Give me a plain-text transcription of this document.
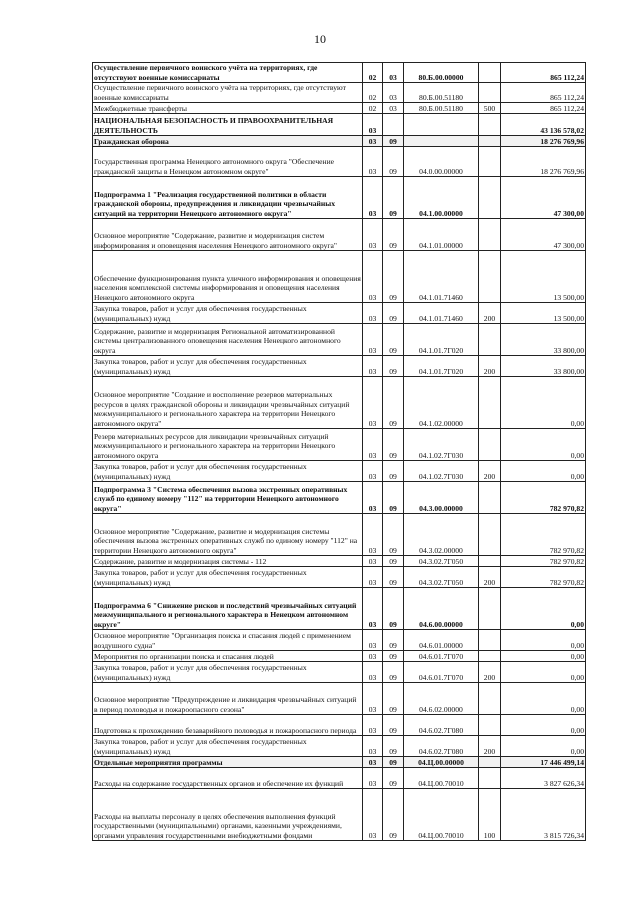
10
Осуществление первичного воинского учёта на территориях, где отсутствуют военные комиссариаты	02	03	80.Б.00.00000		865 112,24
Осуществление первичного воинского учёта на территориях, где отсутствуют военные комиссариаты	02	03	80.Б.00.51180		865 112,24
Межбюджетные трансферты	02	03	80.Б.00.51180	500	865 112,24
НАЦИОНАЛЬНАЯ БЕЗОПАСНОСТЬ И ПРАВООХРАНИТЕЛЬНАЯ ДЕЯТЕЛЬНОСТЬ	03				43 136 578,02
Гражданская оборона	03	09			18 276 769,96
Государственная программа Ненецкого автономного округа "Обеспечение гражданской защиты в Ненецком автономном округе"	03	09	04.0.00.00000		18 276 769,96
Подпрограмма 1 "Реализация государственной политики в области гражданской обороны, предупреждения и ликвидации чрезвычайных ситуаций на территории Ненецкого автономного округа"	03	09	04.1.00.00000		47 300,00
Основное мероприятие "Содержание, развитие и модернизация систем информирования и оповещения населения Ненецкого автономного округа"	03	09	04.1.01.00000		47 300,00
Обеспечение функционирования пункта уличного информирования и оповещения населения комплексной системы информирования и оповещения населения Ненецкого автономного округа	03	09	04.1.01.71460		13 500,00
Закупка товаров, работ и услуг для обеспечения государственных (муниципальных) нужд	03	09	04.1.01.71460	200	13 500,00
Содержание, развитие и модернизация Региональной автоматизированной системы централизованного оповещения населения Ненецкого автономного округа	03	09	04.1.01.7Г020		33 800,00
Закупка товаров, работ и услуг для обеспечения государственных (муниципальных) нужд	03	09	04.1.01.7Г020	200	33 800,00
Основное мероприятие "Создание и восполнение резервов материальных ресурсов в целях гражданской обороны и ликвидации чрезвычайных ситуаций межмуниципального и регионального характера на территории Ненецкого автономного округа"	03	09	04.1.02.00000		0,00
Резерв материальных ресурсов для ликвидации чрезвычайных ситуаций межмуниципального и регионального характера на территории Ненецкого автономного округа	03	09	04.1.02.7Г030		0,00
Закупка товаров, работ и услуг для обеспечения государственных (муниципальных) нужд	03	09	04.1.02.7Г030	200	0,00
Подпрограмма 3 "Система обеспечения вызова экстренных оперативных служб по единому номеру "112" на территории Ненецкого автономного округа"	03	09	04.3.00.00000		782 970,82
Основное мероприятие "Содержание, развитие и модернизация системы обеспечения вызова экстренных оперативных служб по единому номеру "112" на территории Ненецкого автономного округа"	03	09	04.3.02.00000		782 970,82
Содержание, развитие и модернизация системы - 112	03	09	04.3.02.7Г050		782 970,82
Закупка товаров, работ и услуг для обеспечения государственных (муниципальных) нужд	03	09	04.3.02.7Г050	200	782 970,82
Подпрограмма 6 "Снижение рисков и последствий чрезвычайных ситуаций межмуниципального и регионального характера в Ненецком автономном округе"	03	09	04.6.00.00000		0,00
Основное мероприятие "Организация поиска и спасания людей с применением воздушного судна"	03	09	04.6.01.00000		0,00
Мероприятия по организации поиска и спасания людей	03	09	04.6.01.7Г070		0,00
Закупка товаров, работ и услуг для обеспечения государственных (муниципальных) нужд	03	09	04.6.01.7Г070	200	0,00
Основное мероприятие "Предупреждение и ликвидация чрезвычайных ситуаций в период половодья и пожароопасного сезона"	03	09	04.6.02.00000		0,00
Подготовка к прохождению безаварийного половодья и пожароопасного периода	03	09	04.6.02.7Г080		0,00
Закупка товаров, работ и услуг для обеспечения государственных (муниципальных) нужд	03	09	04.6.02.7Г080	200	0,00
Отдельные мероприятия программы	03	09	04.Ц.00.00000		17 446 499,14
Расходы на содержание государственных органов и обеспечение их функций	03	09	04.Ц.00.70010		3 827 626,34
Расходы на выплаты персоналу в целях обеспечения выполнения функций государственными (муниципальными) органами, казенными учреждениями, органами управления государственными внебюджетными фондами	03	09	04.Ц.00.70010	100	3 815 726,34
